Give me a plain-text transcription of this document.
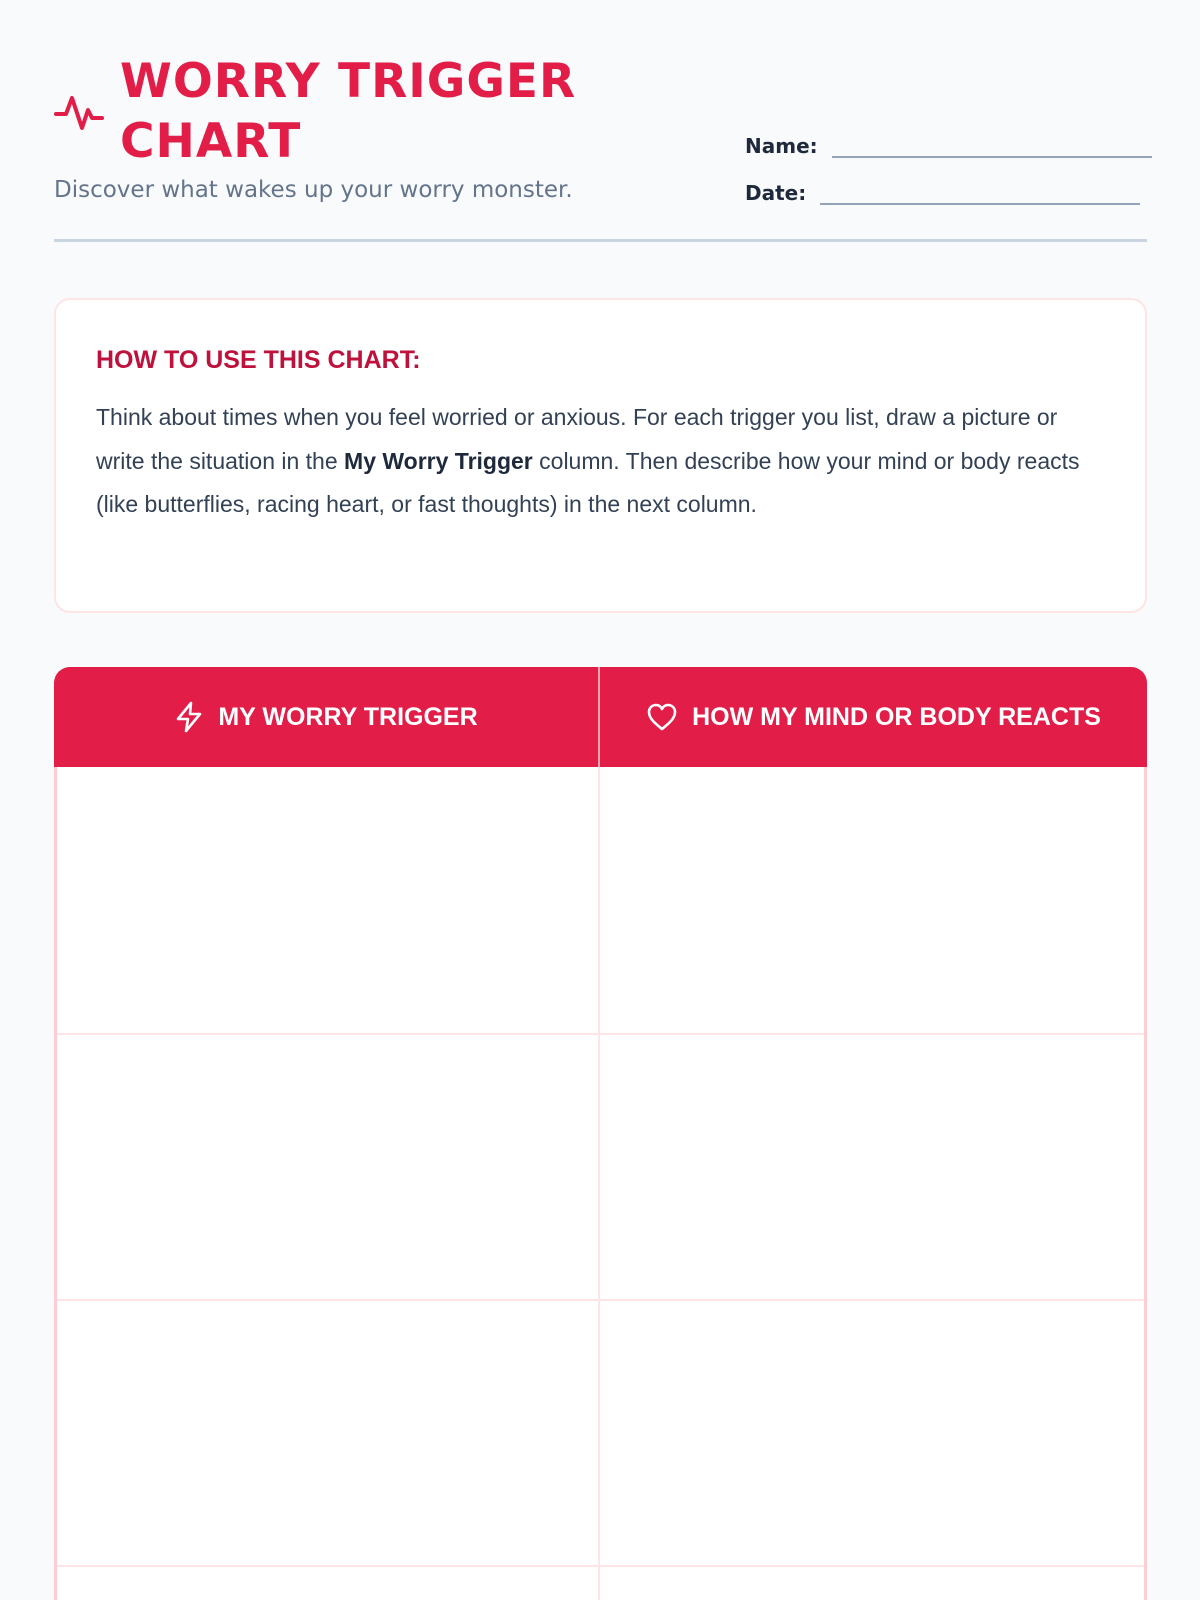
WORRY TRIGGER CHART

Discover what wakes up your worry monster.

Name:
Date:
HOW TO USE THIS CHART:

Think about times when you feel worried or anxious. For each trigger you list, draw a picture or write the situation in the My Worry Trigger column. Then describe how your mind or body reacts (like butterflies, racing heart, or fast thoughts) in the next column.

MY WORRY TRIGGER	HOW MY MIND OR BODY REACTS
